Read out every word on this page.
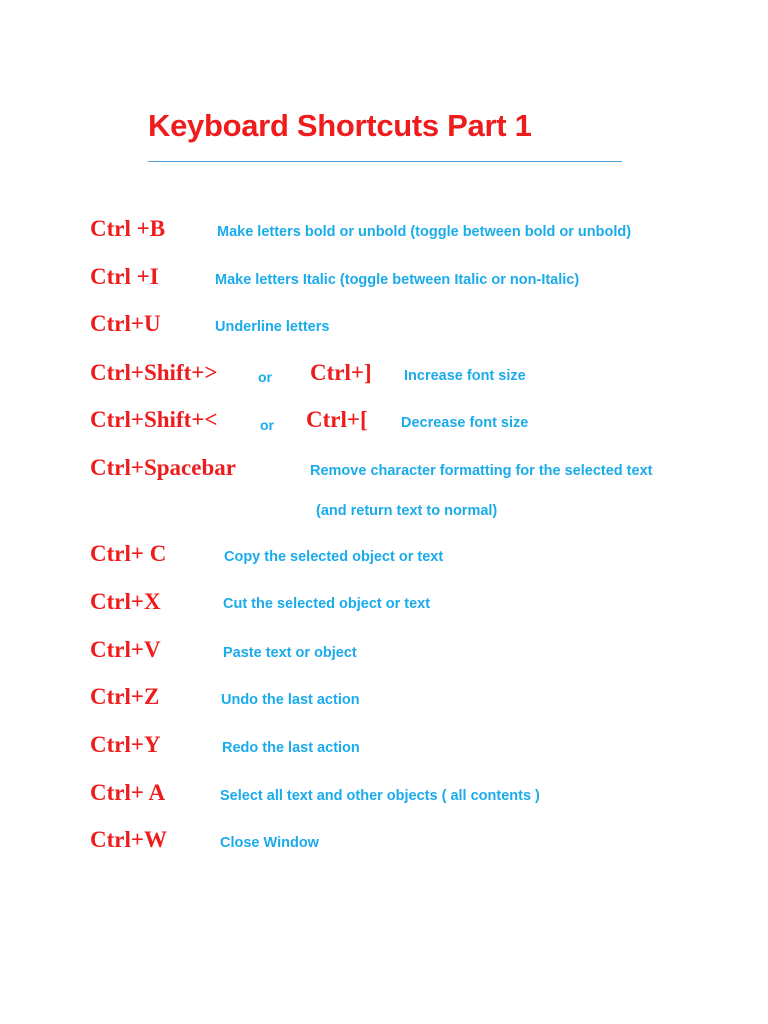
Keyboard Shortcuts Part 1
Ctrl +B	Make letters bold or unbold (toggle between bold or unbold)
Ctrl +I	Make letters Italic (toggle between Italic or non-Italic)
Ctrl+U	Underline letters
Ctrl+Shift+>	or Ctrl+] Increase font size
Ctrl+Shift+<	or Ctrl+[ Decrease font size
Ctrl+Spacebar	Remove character formatting for the selected text
(and return text to normal)
Ctrl+ C	Copy the selected object or text
Ctrl+X	Cut the selected object or text
Ctrl+V	Paste text or object
Ctrl+Z	Undo the last action
Ctrl+Y	Redo the last action
Ctrl+ A	Select all text and other objects ( all contents )
Ctrl+W	Close Window
